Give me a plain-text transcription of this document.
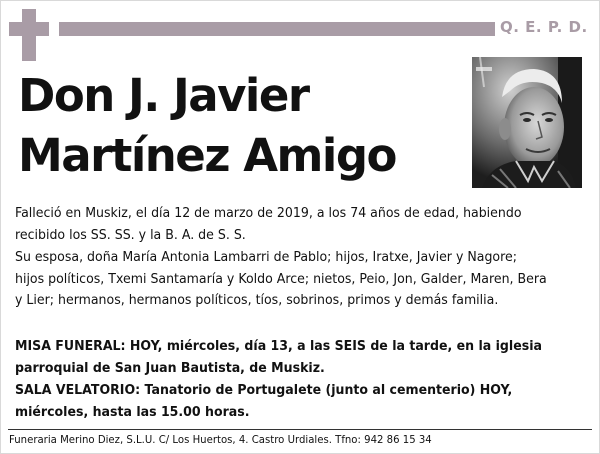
Q. E. P. D.
Don J. Javier
Martínez Amigo
Falleció en Muskiz, el día 12 de marzo de 2019, a los 74 años de edad, habiendo recibido los SS. SS. y la B. A. de S. S.
Su esposa, doña María Antonia Lambarri de Pablo; hijos, Iratxe, Javier y Nagore; hijos políticos, Txemi Santamaría y Koldo Arce; nietos, Peio, Jon, Galder, Maren, Bera y Lier; hermanos, hermanos políticos, tíos, sobrinos, primos y demás familia.
MISA FUNERAL: HOY, miércoles, día 13, a las SEIS de la tarde, en la iglesia parroquial de San Juan Bautista, de Muskiz.
SALA VELATORIO: Tanatorio de Portugalete (junto al cementerio) HOY, miércoles, hasta las 15.00 horas.
Funeraria Merino Diez, S.L.U. C/ Los Huertos, 4. Castro Urdiales. Tfno: 942 86 15 34
